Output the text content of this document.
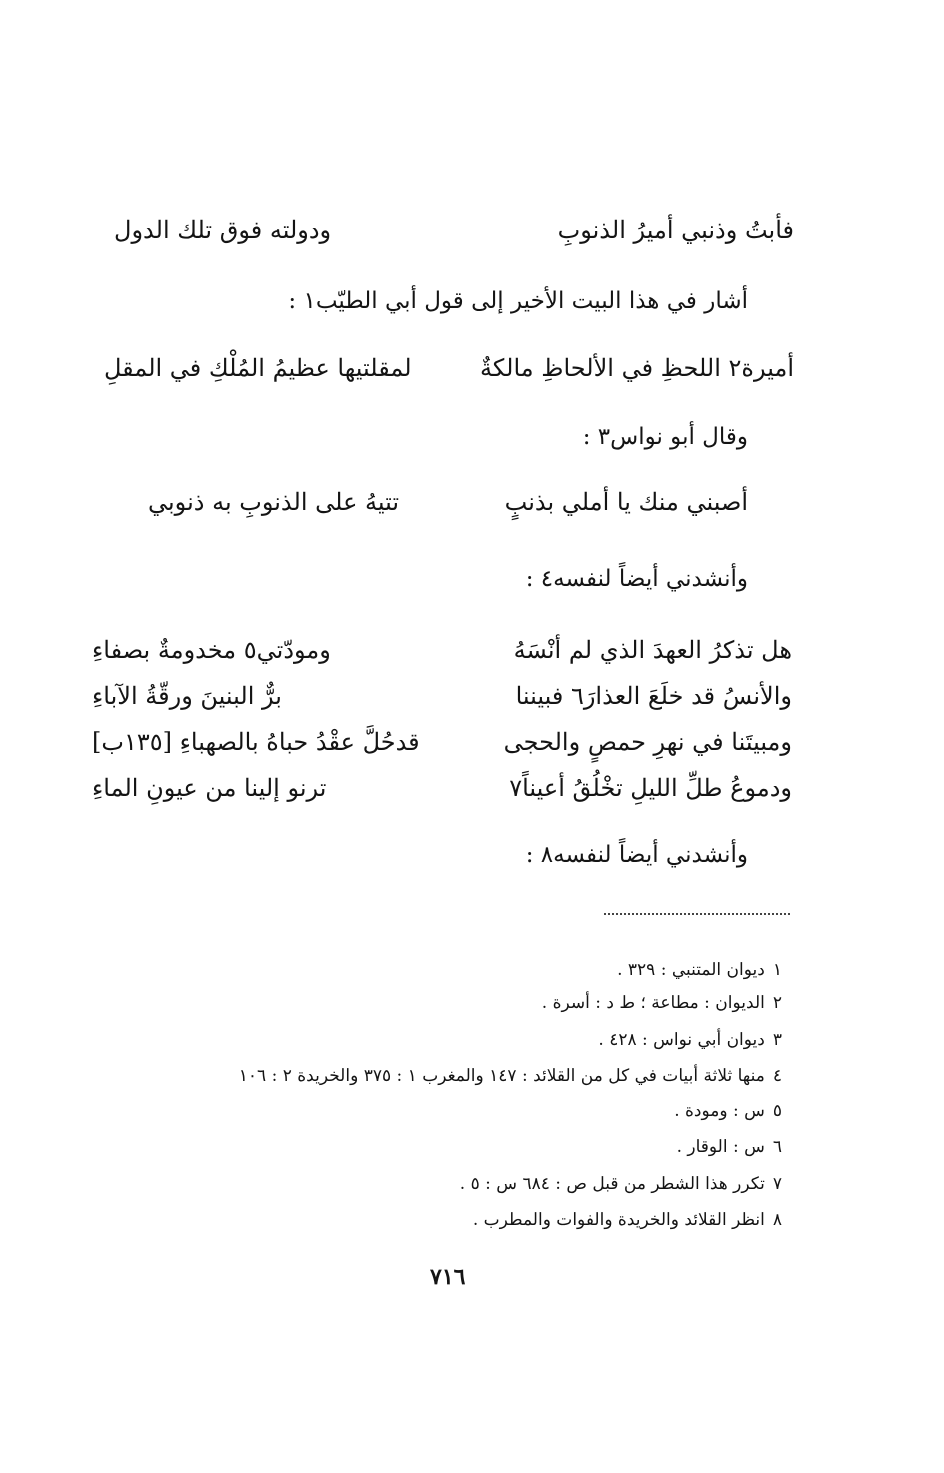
فأبتُ وذنبي أميرُ الذنوبِ
ودولته فوق تلك الدول
أشار في هذا البيت الأخير إلى قول أبي الطيّب١ :
أميرة٢ اللحظِ في الألحاظِ مالكةٌ
لمقلتيها عظيمُ المُلْكِ في المقلِ
وقال أبو نواس٣ :
أصبني منك يا أملي بذنبٍ
تتيهُ على الذنوبِ به ذنوبي
وأنشدني أيضاً لنفسه٤ :
هل تذكرُ العهدَ الذي لم أنْسَهُ
ومودّتي٥ مخدومةٌ بصفاءِ
والأنسُ قد خلَعَ العذارَ٦ فبيننا
برٌّ البنينَ ورقّةُ الآباءِ
ومبيتَنا في نهرِ حمصٍ والحجى
قدحُلَّ عقْدُ حباهُ بالصهباءِ [١٣٥ب]
ودموعُ طلِّ الليلِ تخْلُقُ أعيناً٧
ترنو إلينا من عيونِ الماءِ
وأنشدني أيضاً لنفسه٨ :
١ديوان المتنبي : ٣٢٩ .
٢الديوان : مطاعة ؛ ط د : أسرة .
٣ديوان أبي نواس : ٤٢٨ .
٤منها ثلاثة أبيات في كل من القلائد : ١٤٧ والمغرب ١ : ٣٧٥ والخريدة ٢ : ١٠٦
٥س : ومودة .
٦س : الوقار .
٧تكرر هذا الشطر من قبل ص : ٦٨٤ س : ٥ .
٨انظر القلائد والخريدة والفوات والمطرب .
٧١٦
